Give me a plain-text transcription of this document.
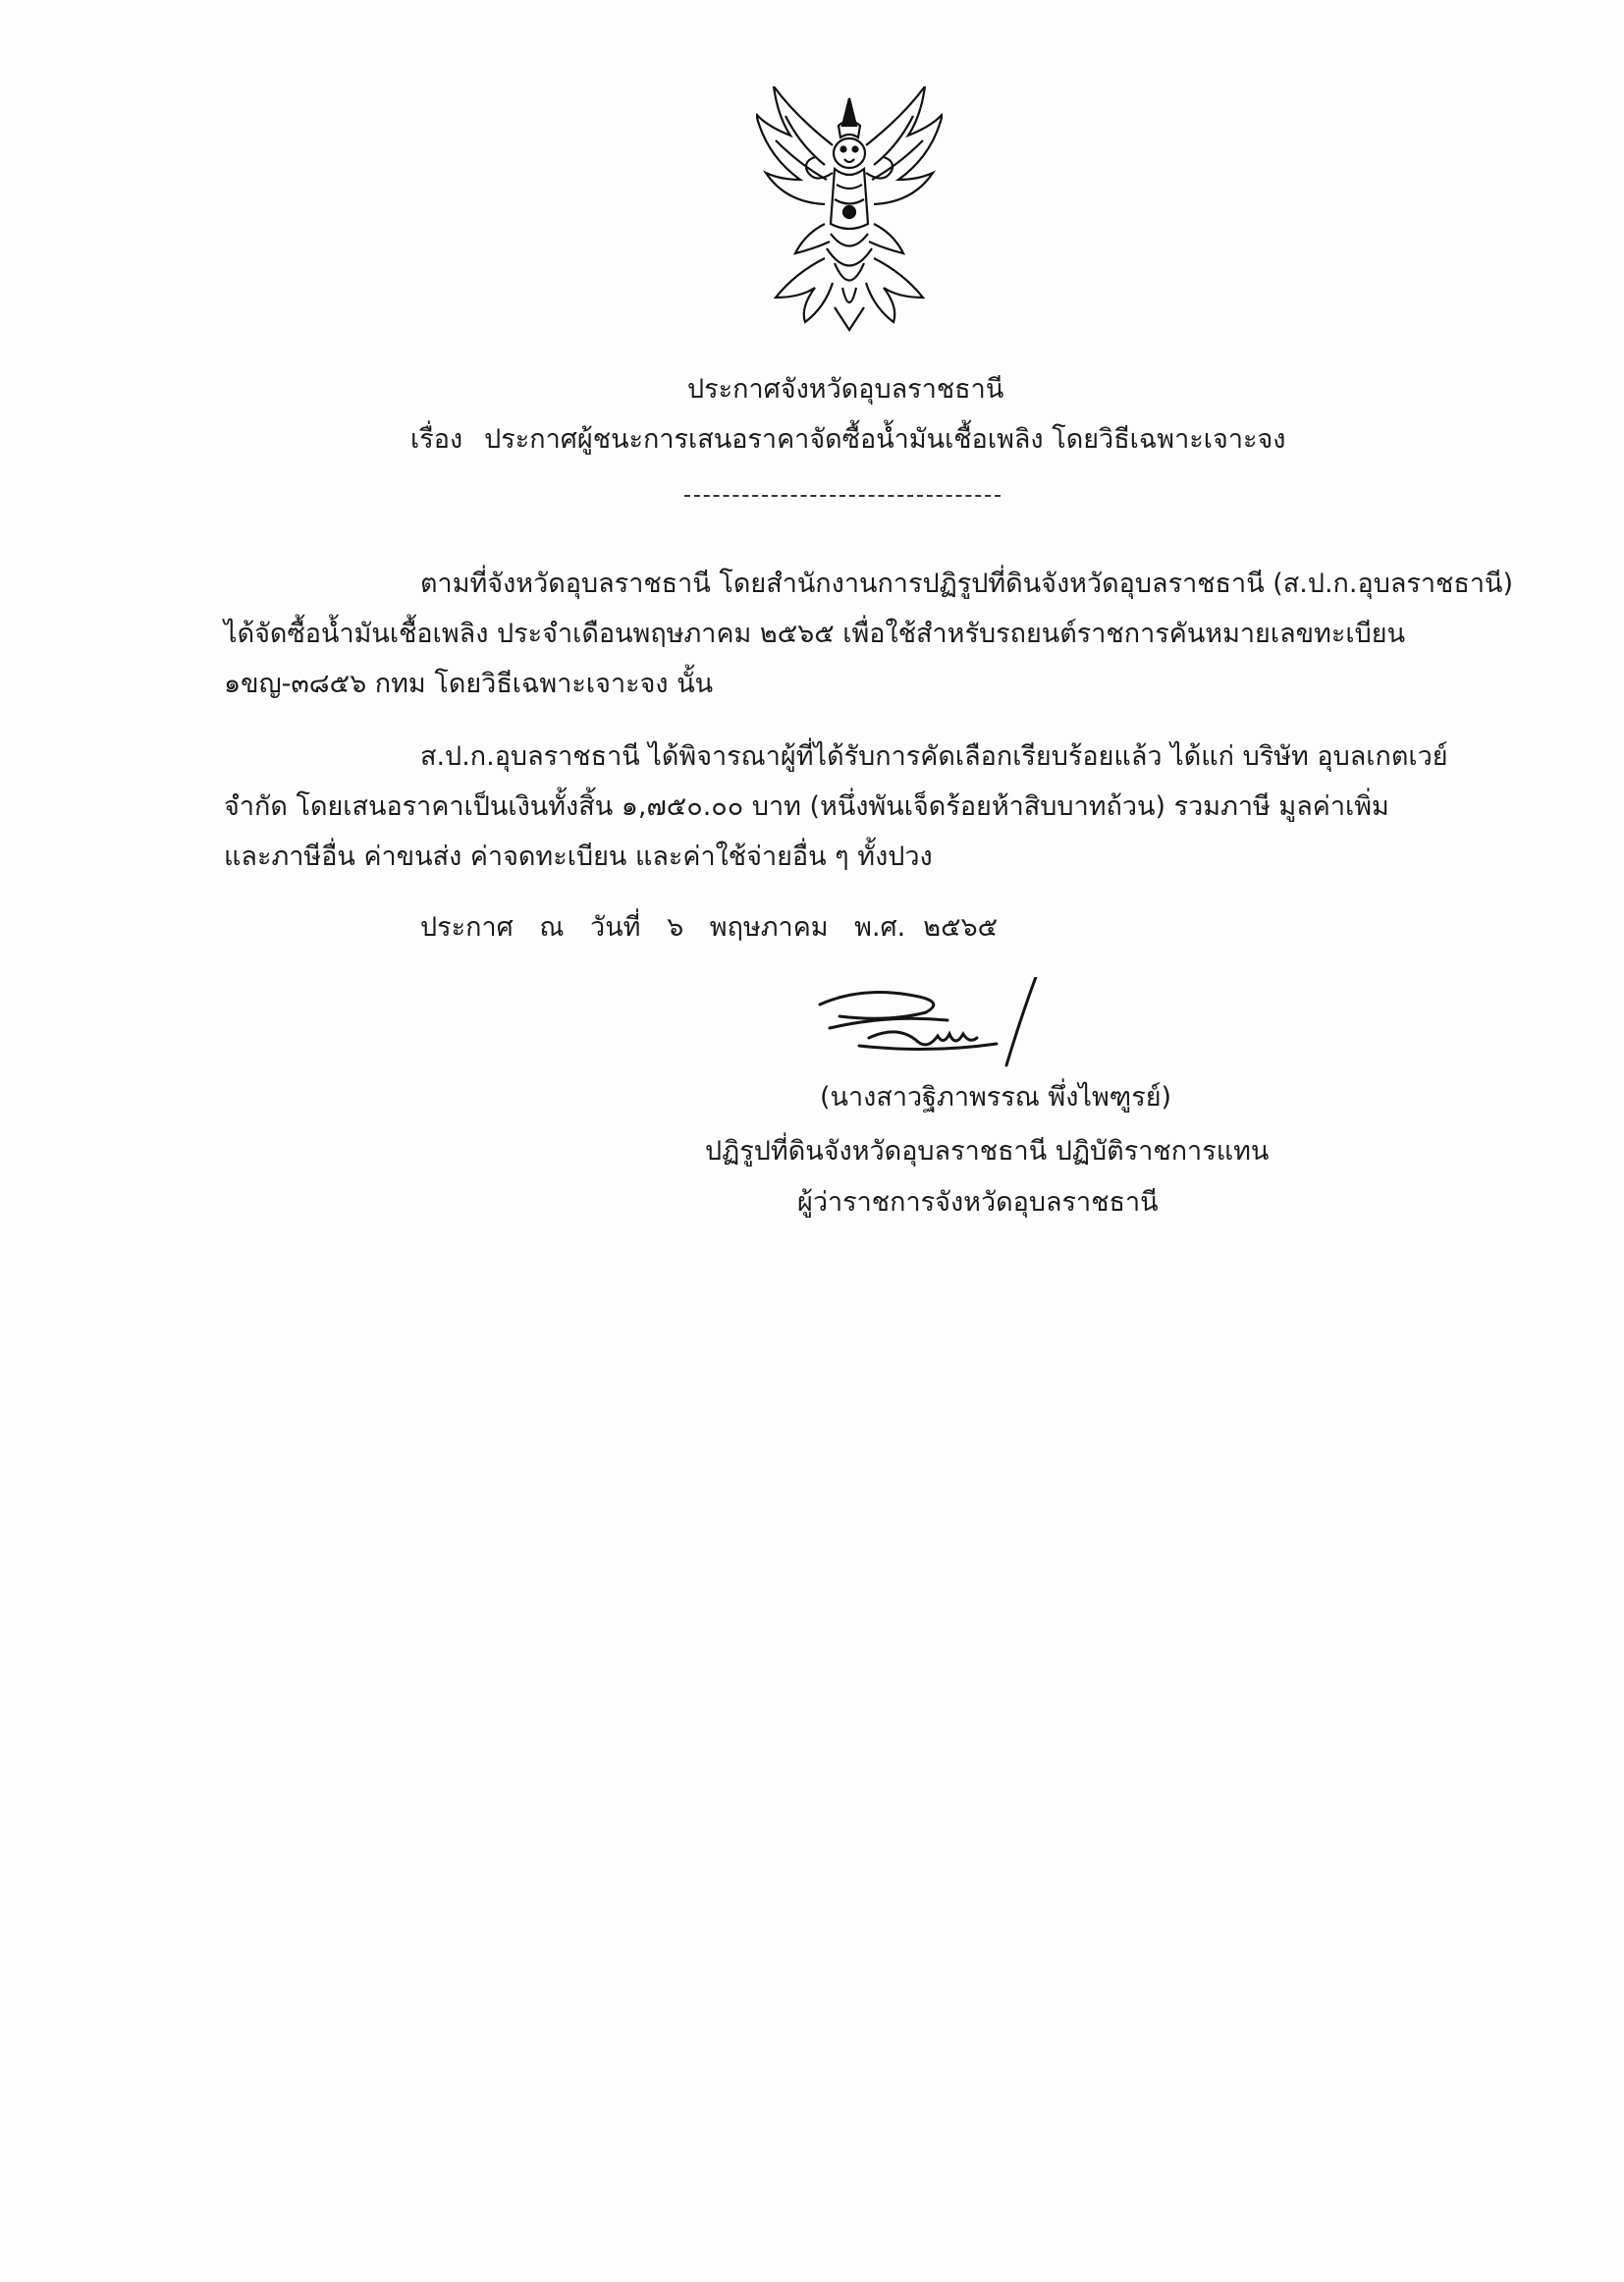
ประกาศจังหวัดอุบลราชธานี
เรื่อง ประกาศผู้ชนะการเสนอราคาจัดซื้อน้ำมันเชื้อเพลิง โดยวิธีเฉพาะเจาะจง
ตามที่จังหวัดอุบลราชธานี โดยสำนักงานการปฏิรูปที่ดินจังหวัดอุบลราชธานี (ส.ป.ก.อุบลราชธานี)
ได้จัดซื้อน้ำมันเชื้อเพลิง ประจำเดือนพฤษภาคม ๒๕๖๕ เพื่อใช้สำหรับรถยนต์ราชการคันหมายเลขทะเบียน
๑ขญ-๓๘๕๖ กทม โดยวิธีเฉพาะเจาะจง นั้น
ส.ป.ก.อุบลราชธานี ได้พิจารณาผู้ที่ได้รับการคัดเลือกเรียบร้อยแล้ว ได้แก่ บริษัท อุบลเกตเวย์
จำกัด โดยเสนอราคาเป็นเงินทั้งสิ้น ๑,๗๕๐.๐๐ บาท (หนึ่งพันเจ็ดร้อยห้าสิบบาทถ้วน) รวมภาษี มูลค่าเพิ่ม
และภาษีอื่น ค่าขนส่ง ค่าจดทะเบียน และค่าใช้จ่ายอื่น ๆ ทั้งปวง
ประกาศ ณ วันที่ ๖ พฤษภาคม พ.ศ. ๒๕๖๕
(นางสาวฐิภาพรรณ พึ่งไพฑูรย์)
ปฏิรูปที่ดินจังหวัดอุบลราชธานี ปฏิบัติราชการแทน
ผู้ว่าราชการจังหวัดอุบลราชธานี
